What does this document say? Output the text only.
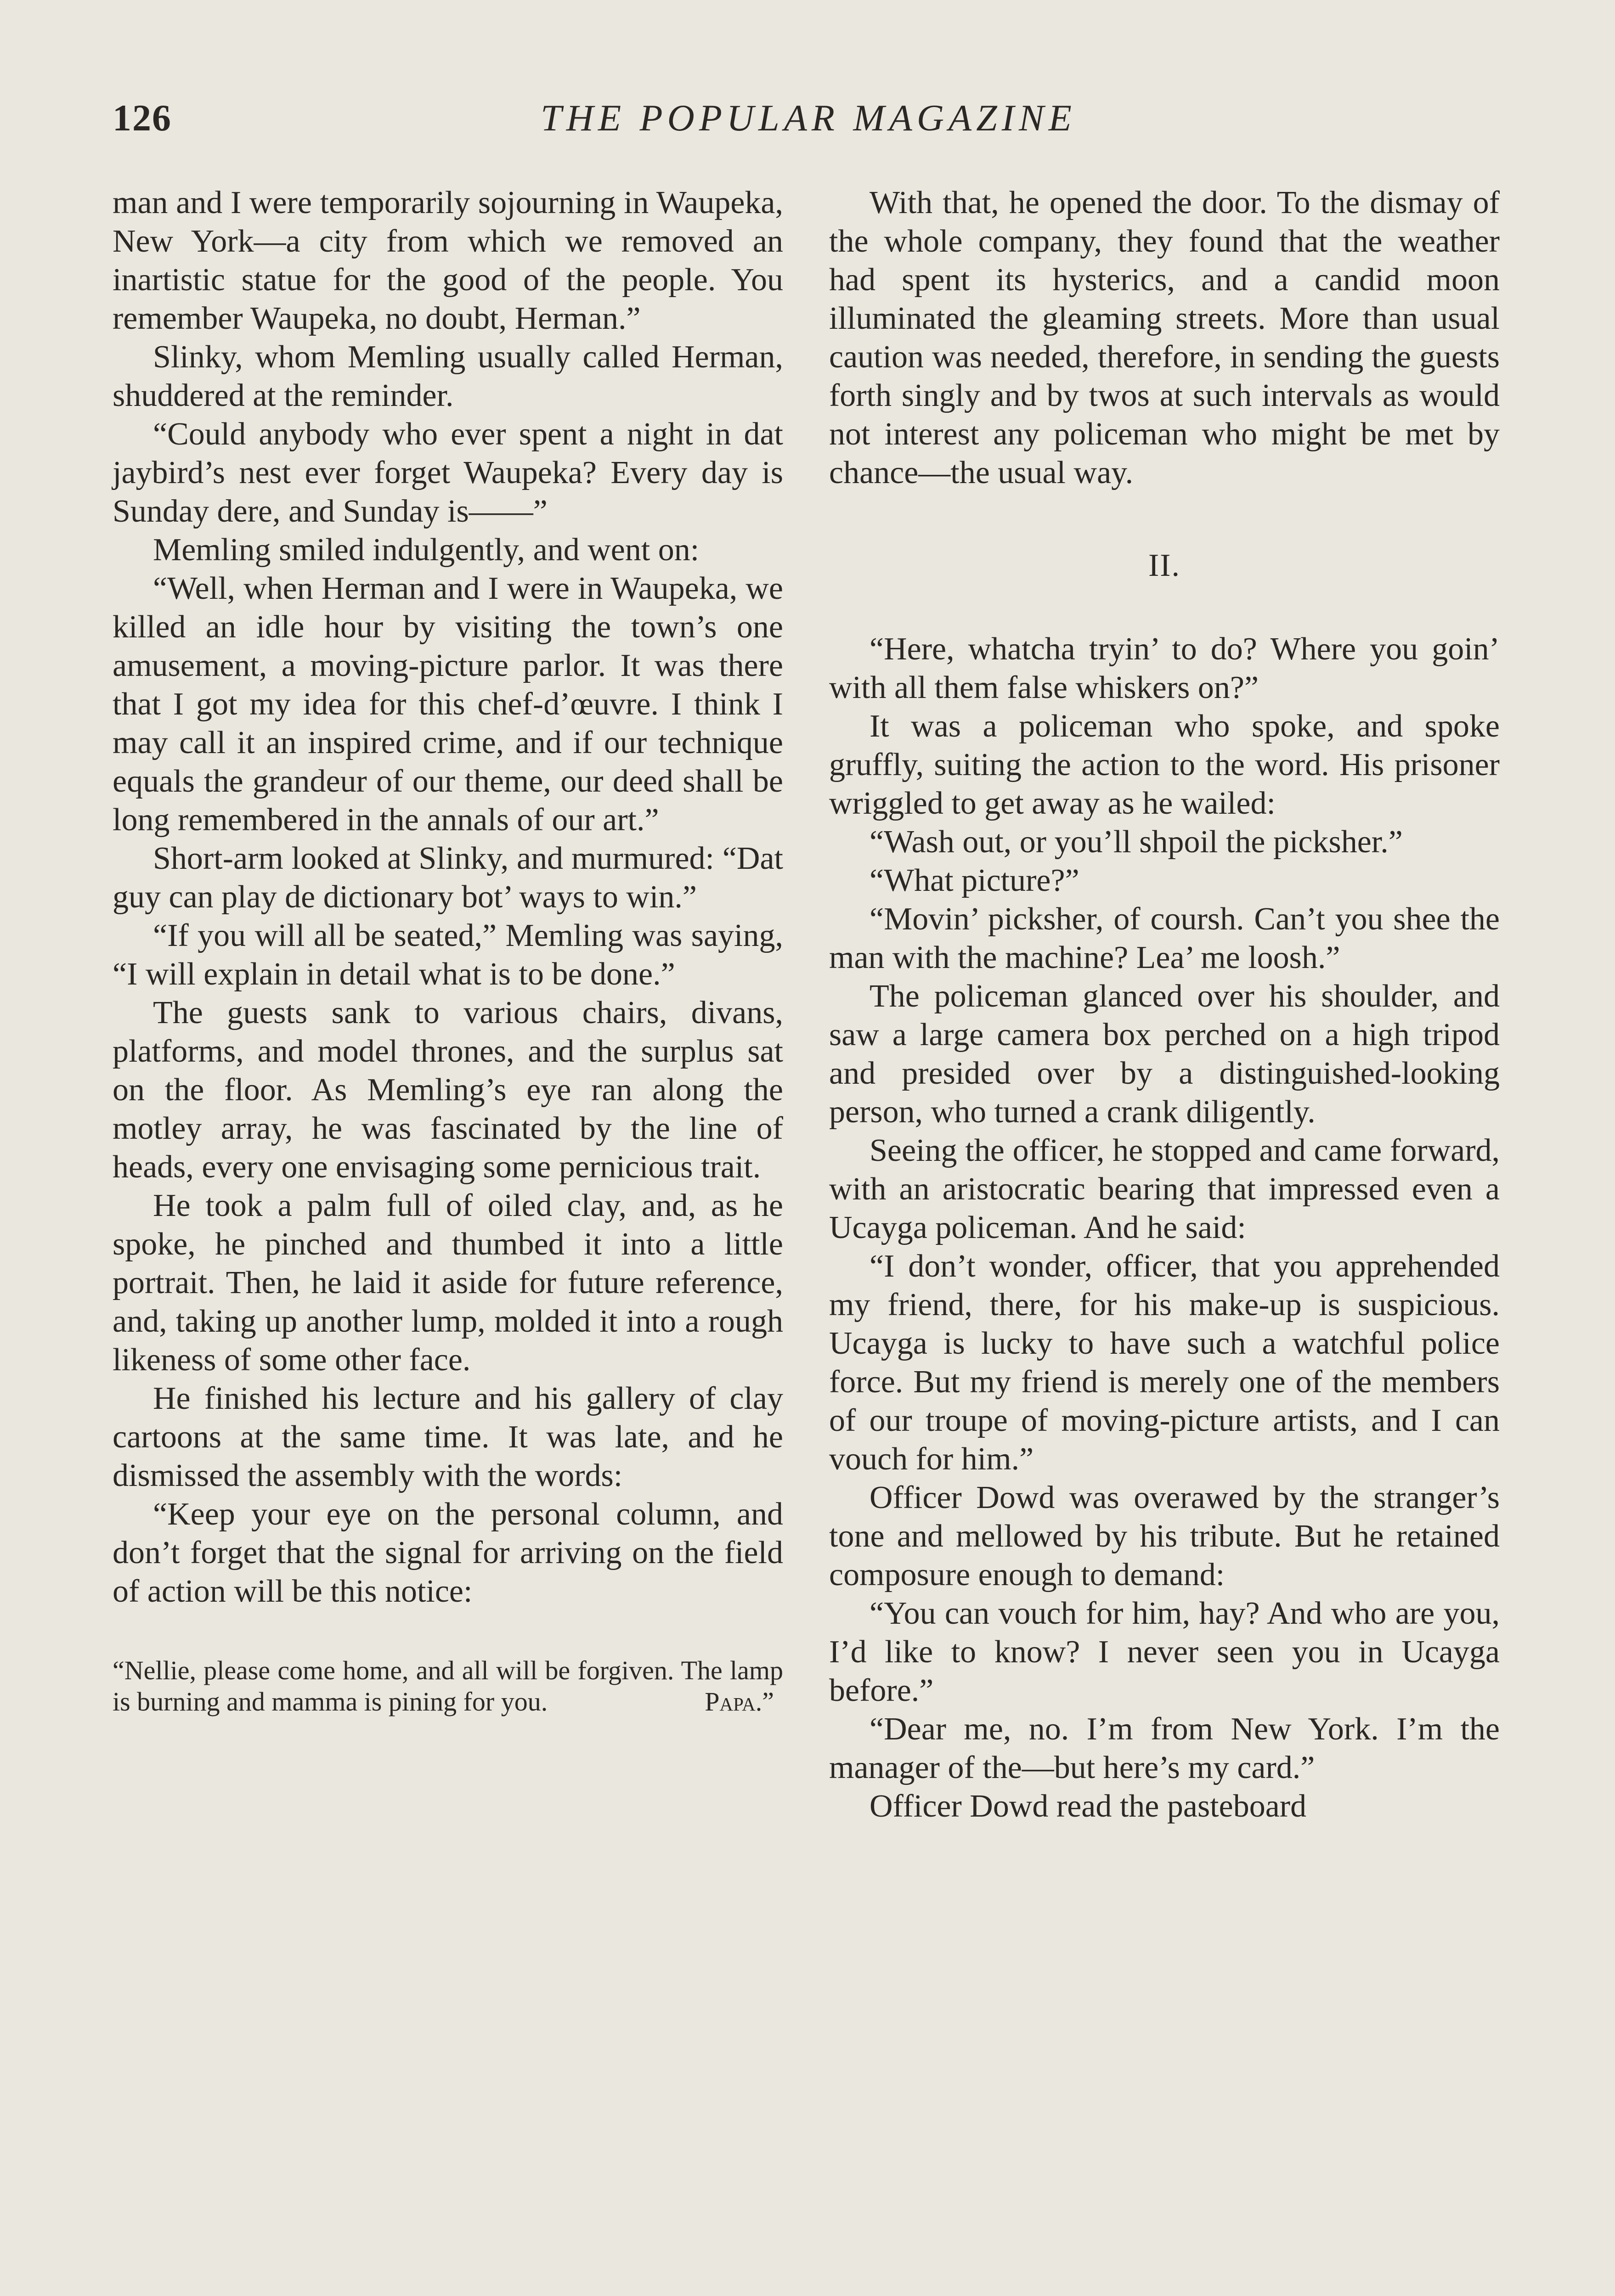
126	THE POPULAR MAGAZINE

man and I were temporarily sojourning in Waupeka, New York—a city from which we removed an inartistic statue for the good of the people. You remember Waupeka, no doubt, Herman.”

Slinky, whom Memling usually called Herman, shuddered at the reminder.

“Could anybody who ever spent a night in dat jaybird’s nest ever forget Waupeka? Every day is Sunday dere, and Sunday is——”

Memling smiled indulgently, and went on:

“Well, when Herman and I were in Waupeka, we killed an idle hour by visiting the town’s one amusement, a moving-picture parlor. It was there that I got my idea for this chef-d’œuvre. I think I may call it an inspired crime, and if our technique equals the grandeur of our theme, our deed shall be long remembered in the annals of our art.”

Short-arm looked at Slinky, and murmured: “Dat guy can play de dictionary bot’ ways to win.”

“If you will all be seated,” Memling was saying, “I will explain in detail what is to be done.”

The guests sank to various chairs, divans, platforms, and model thrones, and the surplus sat on the floor. As Memling’s eye ran along the motley array, he was fascinated by the line of heads, every one envisaging some pernicious trait.

He took a palm full of oiled clay, and, as he spoke, he pinched and thumbed it into a little portrait. Then, he laid it aside for future reference, and, taking up another lump, molded it into a rough likeness of some other face.

He finished his lecture and his gallery of clay cartoons at the same time. It was late, and he dismissed the assembly with the words:

“Keep your eye on the personal column, and don’t forget that the signal for arriving on the field of action will be this notice:

“Nellie, please come home, and all will be forgiven. The lamp is burning and mamma is pining for you.	Papa.”

With that, he opened the door. To the dismay of the whole company, they found that the weather had spent its hysterics, and a candid moon illuminated the gleaming streets. More than usual caution was needed, therefore, in sending the guests forth singly and by twos at such intervals as would not interest any policeman who might be met by chance—the usual way.

II.

“Here, whatcha tryin’ to do? Where you goin’ with all them false whiskers on?”

It was a policeman who spoke, and spoke gruffly, suiting the action to the word. His prisoner wriggled to get away as he wailed:

“Wash out, or you’ll shpoil the picksher.”

“What picture?”

“Movin’ picksher, of coursh. Can’t you shee the man with the machine? Lea’ me loosh.”

The policeman glanced over his shoulder, and saw a large camera box perched on a high tripod and presided over by a distinguished-looking person, who turned a crank diligently.

Seeing the officer, he stopped and came forward, with an aristocratic bearing that impressed even a Ucayga policeman. And he said:

“I don’t wonder, officer, that you apprehended my friend, there, for his make-up is suspicious. Ucayga is lucky to have such a watchful police force. But my friend is merely one of the members of our troupe of moving-picture artists, and I can vouch for him.”

Officer Dowd was overawed by the stranger’s tone and mellowed by his tribute. But he retained composure enough to demand:

“You can vouch for him, hay? And who are you, I’d like to know? I never seen you in Ucayga before.”

“Dear me, no. I’m from New York. I’m the manager of the—but here’s my card.”

Officer Dowd read the pasteboard
